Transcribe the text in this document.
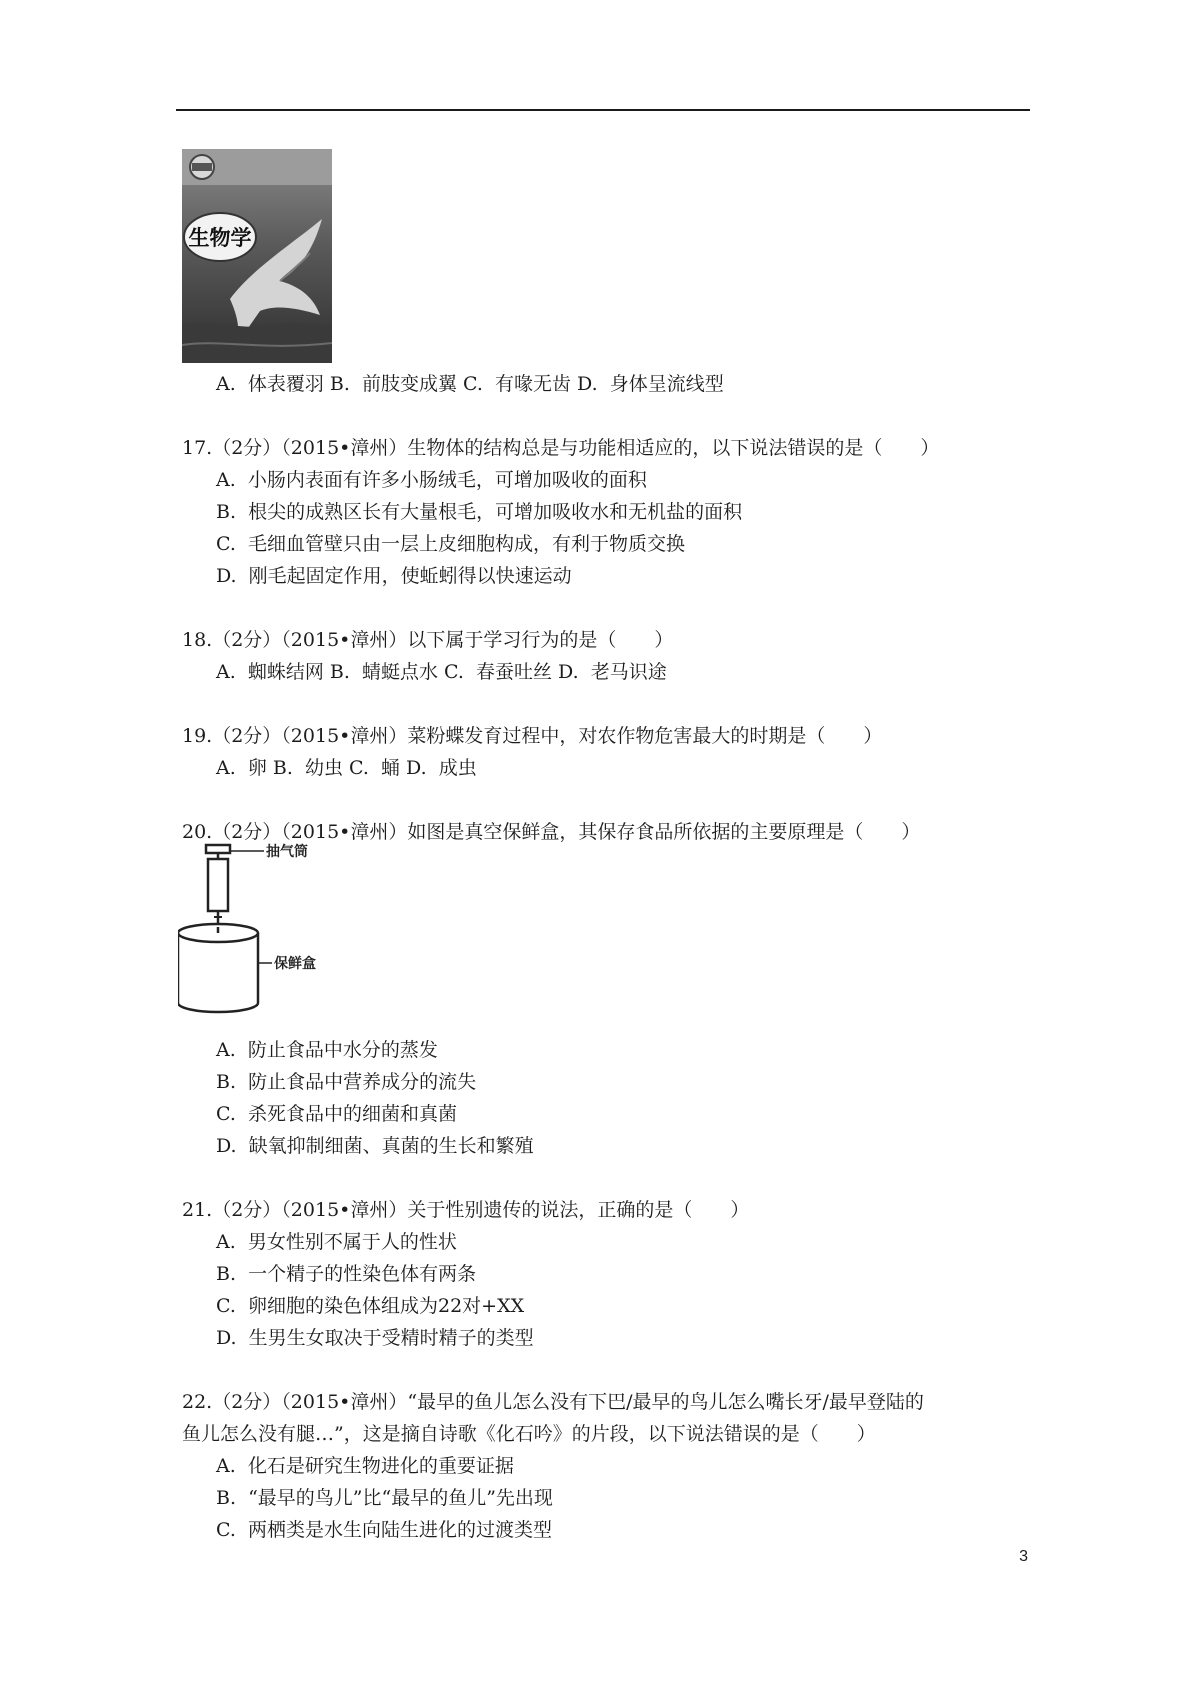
生物学
A.  体表覆羽 B.  前肢变成翼 C.  有喙无齿 D.  身体呈流线型
17.（2分）（2015•漳州）生物体的结构总是与功能相适应的，以下说法错误的是（　　）
A.  小肠内表面有许多小肠绒毛，可增加吸收的面积
B.  根尖的成熟区长有大量根毛，可增加吸收水和无机盐的面积
C.  毛细血管壁只由一层上皮细胞构成，有利于物质交换
D.  刚毛起固定作用，使蚯蚓得以快速运动
18.（2分）（2015•漳州）以下属于学习行为的是（　　）
A.  蜘蛛结网 B.  蜻蜓点水 C.  春蚕吐丝 D.  老马识途
19.（2分）（2015•漳州）菜粉蝶发育过程中，对农作物危害最大的时期是（　　）
A.  卵 B.  幼虫 C.  蛹 D.  成虫
20.（2分）（2015•漳州）如图是真空保鲜盒，其保存食品所依据的主要原理是（　　）
抽气筒
保鲜盒
A.  防止食品中水分的蒸发
B.  防止食品中营养成分的流失
C.  杀死食品中的细菌和真菌
D.  缺氧抑制细菌、真菌的生长和繁殖
21.（2分）（2015•漳州）关于性别遗传的说法，正确的是（　　）
A.  男女性别不属于人的性状
B.  一个精子的性染色体有两条
C.  卵细胞的染色体组成为22对+XX
D.  生男生女取决于受精时精子的类型
22.（2分）（2015•漳州）“最早的鱼儿怎么没有下巴/最早的鸟儿怎么嘴长牙/最早登陆的
鱼儿怎么没有腿…”，这是摘自诗歌《化石吟》的片段，以下说法错误的是（　　）
A.  化石是研究生物进化的重要证据
B.  “最早的鸟儿”比“最早的鱼儿”先出现
C.  两栖类是水生向陆生进化的过渡类型
3
